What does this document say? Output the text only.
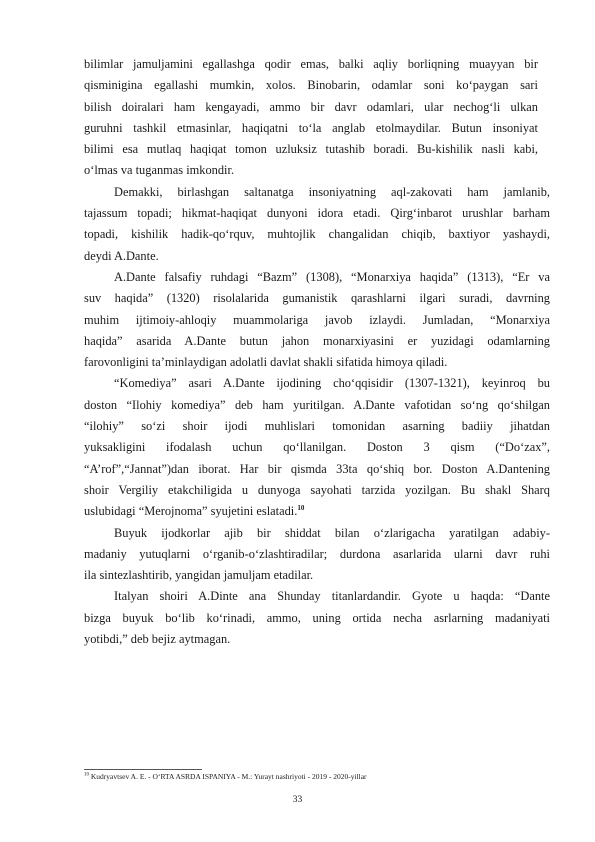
bilimlar jamuljamini egallashga qodir emas, balki aqliy borliqning muayyan bir
qisminigina egallashi mumkin, xolos. Binobarin, odamlar soni ko‘paygan sari
bilish doiralari ham kengayadi, ammo bir davr odamlari, ular nechog‘li ulkan
guruhni tashkil etmasinlar, haqiqatni to‘la anglab etolmaydilar. Butun insoniyat
bilimi esa mutlaq haqiqat tomon uzluksiz tutashib boradi. Bu-kishilik nasli kabi,
o‘lmas va tuganmas imkondir.
Demakki, birlashgan saltanatga insoniyatning aql-zakovati ham jamlanib,
tajassum topadi; hikmat-haqiqat dunyoni idora etadi. Qirg‘inbarot urushlar barham
topadi, kishilik hadik-qo‘rquv, muhtojlik changalidan chiqib, baxtiyor yashaydi,
deydi A.Dante.
A.Dante falsafiy ruhdagi “Bazm” (1308), “Monarxiya haqida” (1313), “Er va
suv haqida” (1320) risolalarida gumanistik qarashlarni ilgari suradi, davrning
muhim ijtimoiy-ahloqiy muammolariga javob izlaydi. Jumladan, “Monarxiya
haqida” asarida A.Dante butun jahon monarxiyasini er yuzidagi odamlarning
farovonligini ta’minlaydigan adolatli davlat shakli sifatida himoya qiladi.
“Komediya” asari A.Dante ijodining cho‘qqisidir (1307-1321), keyinroq bu
doston “Ilohiy komediya” deb ham yuritilgan. A.Dante vafotidan so‘ng qo‘shilgan
“ilohiy” so‘zi shoir ijodi muhlislari tomonidan asarning badiiy jihatdan
yuksakligini ifodalash uchun qo‘llanilgan. Doston 3 qism (“Do‘zax”,
“A’rof”,“Jannat”)dan iborat. Har bir qismda 33ta qo‘shiq bor. Doston A.Dantening
shoir Vergiliy etakchiligida u dunyoga sayohati tarzida yozilgan. Bu shakl Sharq
uslubidagi “Merojnoma” syujetini eslatadi.$^{10}$
Buyuk ijodkorlar ajib bir shiddat bilan o‘zlarigacha yaratilgan adabiy-
madaniy yutuqlarni o‘rganib-o‘zlashtiradilar; durdona asarlarida ularni davr ruhi
ila sintezlashtirib, yangidan jamuljam etadilar.
Italyan shoiri A.Dinte ana Shunday titanlardandir. Gyote u haqda: “Dante
bizga buyuk bo‘lib ko‘rinadi, ammo, uning ortida necha asrlarning madaniyati
yotibdi,” deb bejiz aytmagan.
$^{10}$ Kudryavtsev A. E. - O‘RTA ASRDA ISPANIYA - M.: Yurayt nashriyoti - 2019 - 2020-yillar
33
